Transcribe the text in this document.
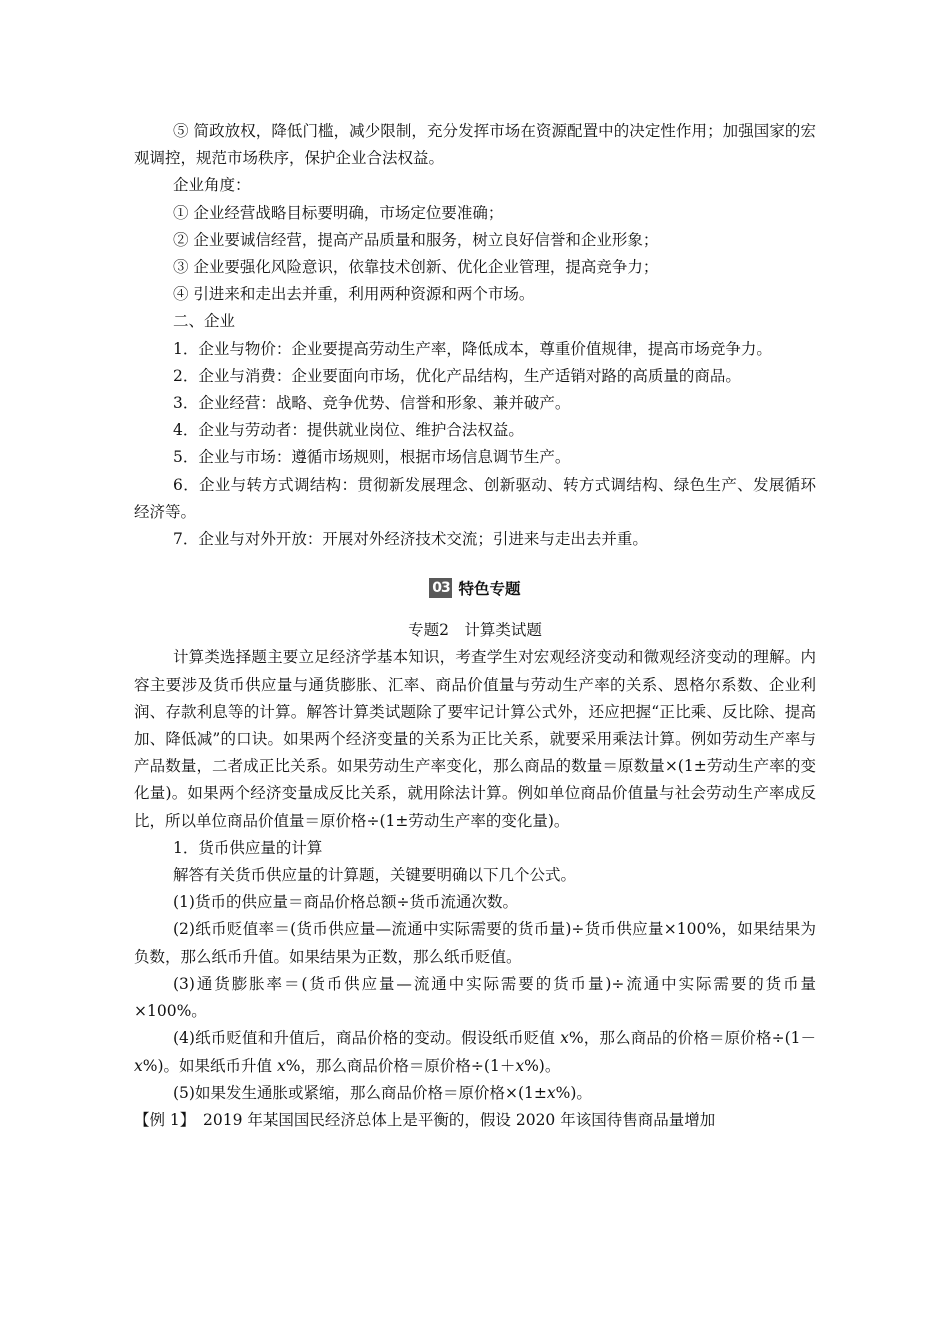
⑤ 简政放权，降低门槛，减少限制，充分发挥市场在资源配置中的决定性作用；加强国家的宏观调控，规范市场秩序，保护企业合法权益。

企业角度：

① 企业经营战略目标要明确，市场定位要准确；

② 企业要诚信经营，提高产品质量和服务，树立良好信誉和企业形象；

③ 企业要强化风险意识，依靠技术创新、优化企业管理，提高竞争力；

④ 引进来和走出去并重，利用两种资源和两个市场。

二、企业

1．企业与物价：企业要提高劳动生产率，降低成本，尊重价值规律，提高市场竞争力。

2．企业与消费：企业要面向市场，优化产品结构，生产适销对路的高质量的商品。

3．企业经营：战略、竞争优势、信誉和形象、兼并破产。

4．企业与劳动者：提供就业岗位、维护合法权益。

5．企业与市场：遵循市场规则，根据市场信息调节生产。

6．企业与转方式调结构：贯彻新发展理念、创新驱动、转方式调结构、绿色生产、发展循环经济等。

7．企业与对外开放：开展对外经济技术交流；引进来与走出去并重。

03 特色专题

专题2　计算类试题

计算类选择题主要立足经济学基本知识，考查学生对宏观经济变动和微观经济变动的理解。内容主要涉及货币供应量与通货膨胀、汇率、商品价值量与劳动生产率的关系、恩格尔系数、企业利润、存款利息等的计算。解答计算类试题除了要牢记计算公式外，还应把握“正比乘、反比除、提高加、降低减”的口诀。如果两个经济变量的关系为正比关系，就要采用乘法计算。例如劳动生产率与产品数量，二者成正比关系。如果劳动生产率变化，那么商品的数量＝原数量×(1±劳动生产率的变化量)。如果两个经济变量成反比关系，就用除法计算。例如单位商品价值量与社会劳动生产率成反比，所以单位商品价值量＝原价格÷(1±劳动生产率的变化量)。

1．货币供应量的计算

解答有关货币供应量的计算题，关键要明确以下几个公式。

(1)货币的供应量＝商品价格总额÷货币流通次数。

(2)纸币贬值率＝(货币供应量—流通中实际需要的货币量)÷货币供应量×100%，如果结果为负数，那么纸币升值。如果结果为正数，那么纸币贬值。

(3)通货膨胀率＝(货币供应量—流通中实际需要的货币量)÷流通中实际需要的货币量×100%。

(4)纸币贬值和升值后，商品价格的变动。假设纸币贬值 x%，那么商品的价格＝原价格÷(1－x%)。如果纸币升值 x%，那么商品价格＝原价格÷(1＋x%)。

(5)如果发生通胀或紧缩，那么商品价格＝原价格×(1±x%)。

【例 1】　2019 年某国国民经济总体上是平衡的，假设 2020 年该国待售商品量增加
